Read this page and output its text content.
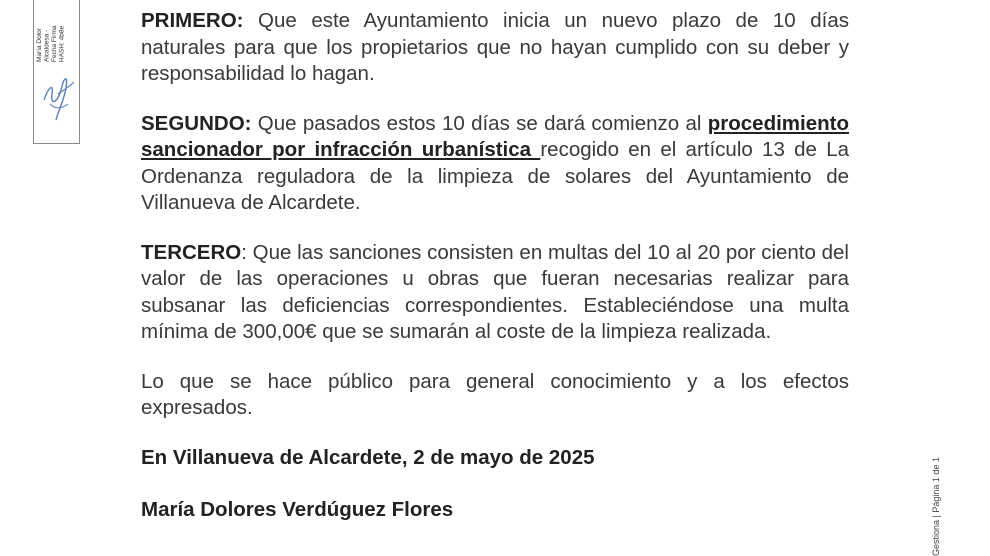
María Dolor Alcaldesa - Fecha Firma HASH: 4b8e
Gestiona | Página 1 de 1

PRIMERO: Que este Ayuntamiento inicia un nuevo plazo de 10 días naturales para que los propietarios que no hayan cumplido con su deber y responsabilidad lo hagan.

SEGUNDO: Que pasados estos 10 días se dará comienzo al procedimiento sancionador por infracción urbanística recogido en el artículo 13 de La Ordenanza reguladora de la limpieza de solares del Ayuntamiento de Villanueva de Alcardete.

TERCERO: Que las sanciones consisten en multas del 10 al 20 por ciento del valor de las operaciones u obras que fueran necesarias realizar para subsanar las deficiencias correspondientes. Estableciéndose una multa mínima de 300,00€ que se sumarán al coste de la limpieza realizada.

Lo que se hace público para general conocimiento y a los efectos expresados.

En Villanueva de Alcardete, 2 de mayo de 2025

María Dolores Verdúguez Flores
